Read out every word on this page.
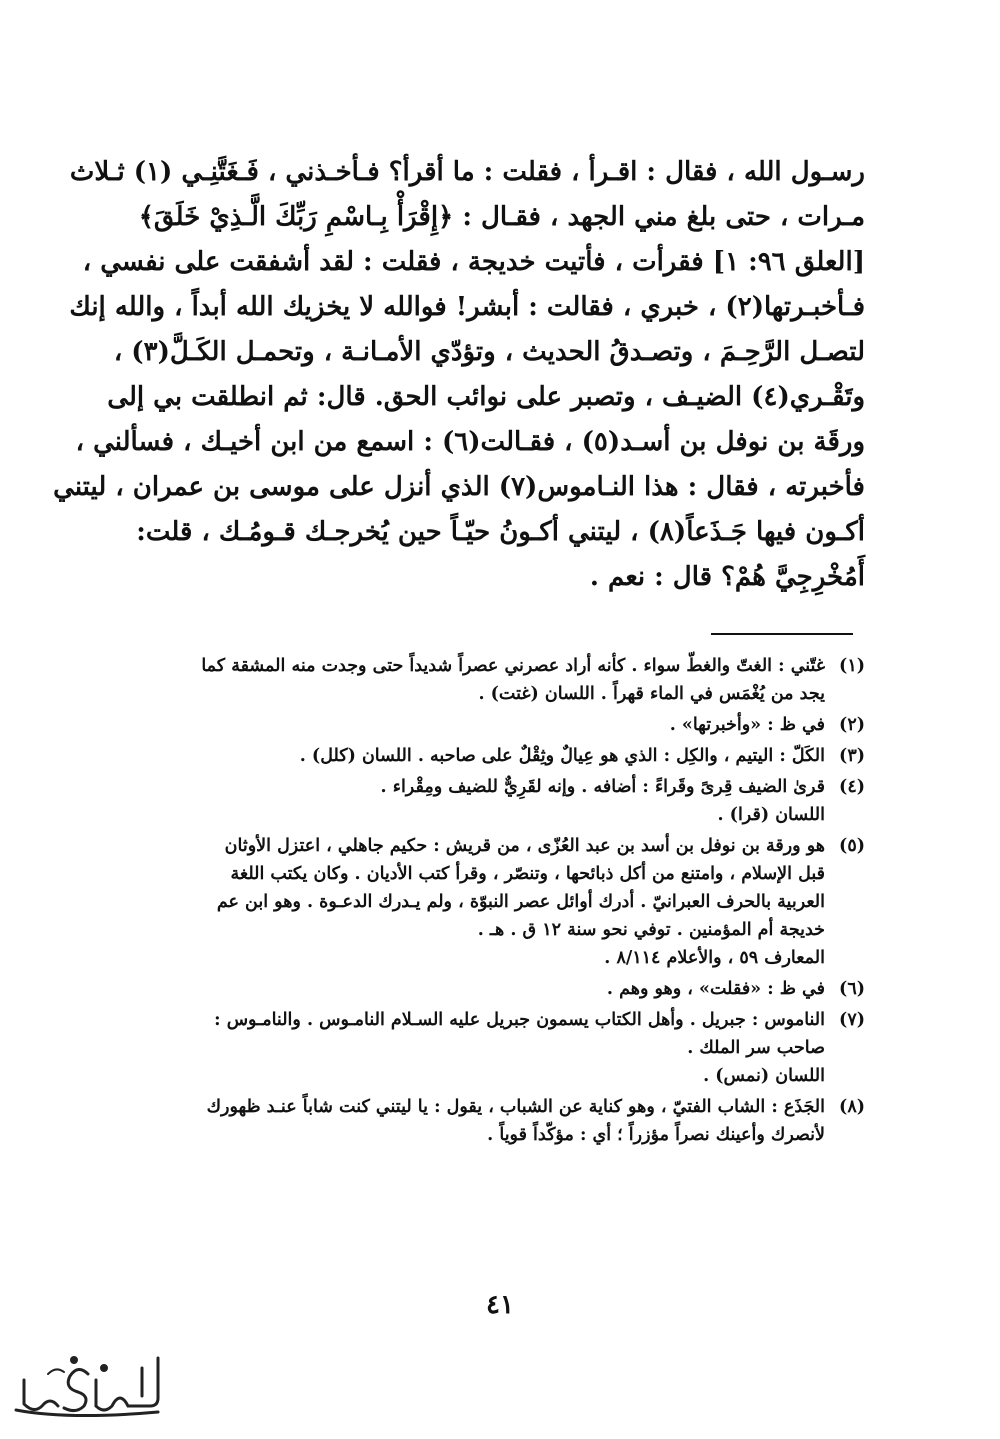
رسـول الله ، فقال : اقـرأ ، فقلت : ما أقرأ؟ فـأخـذني ، فَـغَتَّنِـي (١) ثـلاث
مـرات ، حتى بلغ مني الجهد ، فقـال : ﴿إِقْرَأْ بِـاسْمِ رَبِّكَ الَّـذِيْ خَلَقَ﴾
[العلق ٩٦: ١] فقرأت ، فأتيت خديجة ، فقلت : لقد أشفقت على نفسي ،
فـأخبـرتها(٢) ، خبري ، فقالت : أبشر! فوالله لا يخزيك الله أبداً ، والله إنك
لتصـل الرَّحِـمَ ، وتصـدقُ الحديث ، وتؤدّي الأمـانـة ، وتحمـل الكَـلَّ(٣) ،
وتَقْـري(٤) الضيـف ، وتصبر على نوائب الحق. قال: ثم انطلقت بي إلى
ورقَة بن نوفل بن أسـد(٥) ، فقـالت(٦) : اسمع من ابن أخيـك ، فسألني ،
فأخبرته ، فقال : هذا النـاموس(٧) الذي أنزل على موسى بن عمران ، ليتني
أكـون فيها جَـذَعاً(٨) ، ليتني أكـونُ حيّـاً حين يُخرجـك قـومُـك ، قلت:
أَمُخْرِجِيَّ هُمْ؟ قال : نعم .
(١)
غتّني : الغتّ والغطّ سواء . كأنه أراد عصرني عصراً شديداً حتى وجدت منه المشقة كما
يجد من يُغْمَس في الماء قهراً . اللسان (غتت) .
(٢)
في ظ : «وأخبرتها» .
(٣)
الكَلّ : اليتيم ، والكِل : الذي هو عِيالٌ وثِقْلٌ على صاحبه . اللسان (كلل) .
(٤)
قرىٰ الضيف قِرىً وقَراءً : أضافه . وإنه لقَرِيٌّ للضيف ومِقْراء .
اللسان (قرا) .
(٥)
هو ورقة بن نوفل بن أسد بن عبد العُزّى ، من قريش : حكيم جاهلي ، اعتزل الأوثان
قبل الإسلام ، وامتنع من أكل ذبائحها ، وتنصّر ، وقرأ كتب الأديان . وكان يكتب اللغة
العربية بالحرف العبرانيّ . أدرك أوائل عصر النبوّة ، ولم يـدرك الدعـوة . وهو ابن عم
خديجة أم المؤمنين . توفي نحو سنة ١٢ ق . هـ .
المعارف ٥٩ ، والأعلام ٨/١١٤ .
(٦)
في ظ : «فقلت» ، وهو وهم .
(٧)
الناموس : جبريل . وأهل الكتاب يسمون جبريل عليه السـلام النامـوس . والنامـوس :
صاحب سر الملك .
اللسان (نمس) .
(٨)
الجَذَع : الشاب الفتيّ ، وهو كناية عن الشباب ، يقول : يا ليتني كنت شاباً عنـد ظهورك
لأنصرك وأعينك نصراً مؤزراً ؛ أي : مؤكّداً قوياً .
٤١
